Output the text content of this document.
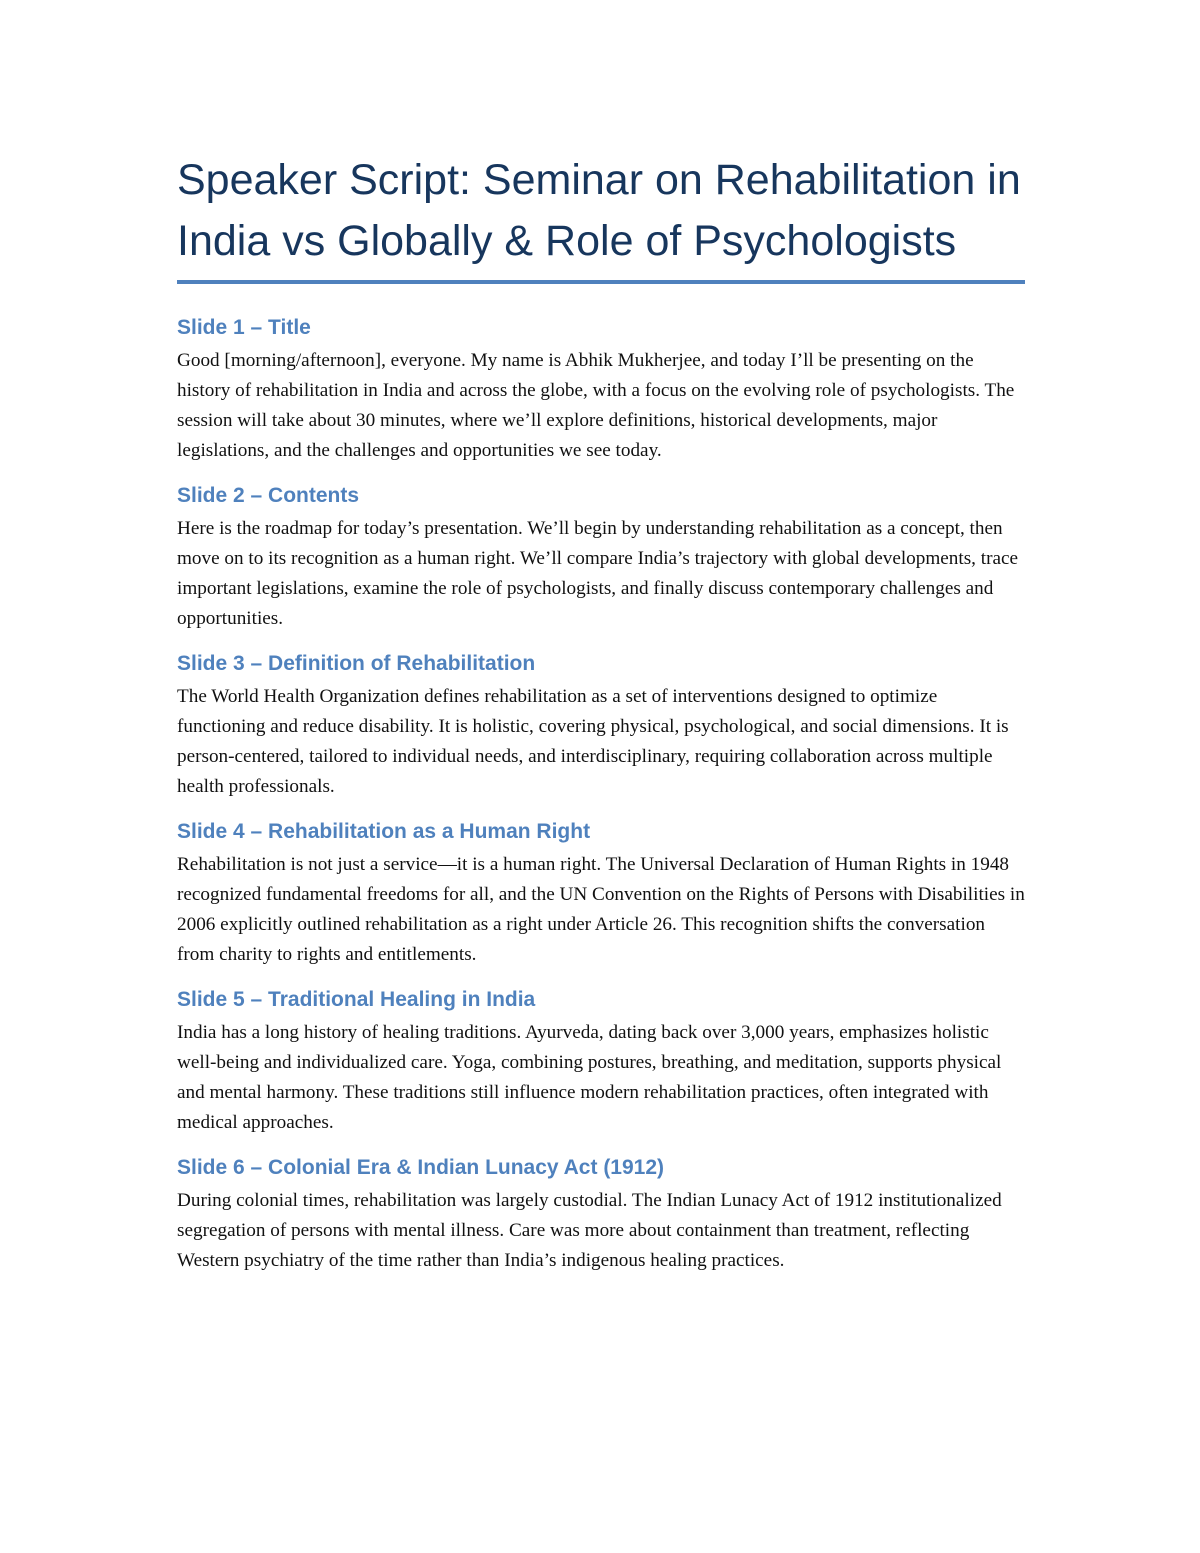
Speaker Script: Seminar on Rehabilitation in India vs Globally & Role of Psychologists
Slide 1 – Title

Good [morning/afternoon], everyone. My name is Abhik Mukherjee, and today I’ll be presenting on the history of rehabilitation in India and across the globe, with a focus on the evolving role of psychologists. The session will take about 30 minutes, where we’ll explore definitions, historical developments, major legislations, and the challenges and opportunities we see today.

Slide 2 – Contents

Here is the roadmap for today’s presentation. We’ll begin by understanding rehabilitation as a concept, then move on to its recognition as a human right. We’ll compare India’s trajectory with global developments, trace important legislations, examine the role of psychologists, and finally discuss contemporary challenges and opportunities.

Slide 3 – Definition of Rehabilitation

The World Health Organization defines rehabilitation as a set of interventions designed to optimize functioning and reduce disability. It is holistic, covering physical, psychological, and social dimensions. It is person-centered, tailored to individual needs, and interdisciplinary, requiring collaboration across multiple health professionals.

Slide 4 – Rehabilitation as a Human Right

Rehabilitation is not just a service—it is a human right. The Universal Declaration of Human Rights in 1948 recognized fundamental freedoms for all, and the UN Convention on the Rights of Persons with Disabilities in 2006 explicitly outlined rehabilitation as a right under Article 26. This recognition shifts the conversation from charity to rights and entitlements.

Slide 5 – Traditional Healing in India

India has a long history of healing traditions. Ayurveda, dating back over 3,000 years, emphasizes holistic well-being and individualized care. Yoga, combining postures, breathing, and meditation, supports physical and mental harmony. These traditions still influence modern rehabilitation practices, often integrated with medical approaches.

Slide 6 – Colonial Era & Indian Lunacy Act (1912)

During colonial times, rehabilitation was largely custodial. The Indian Lunacy Act of 1912 institutionalized segregation of persons with mental illness. Care was more about containment than treatment, reflecting Western psychiatry of the time rather than India’s indigenous healing practices.
